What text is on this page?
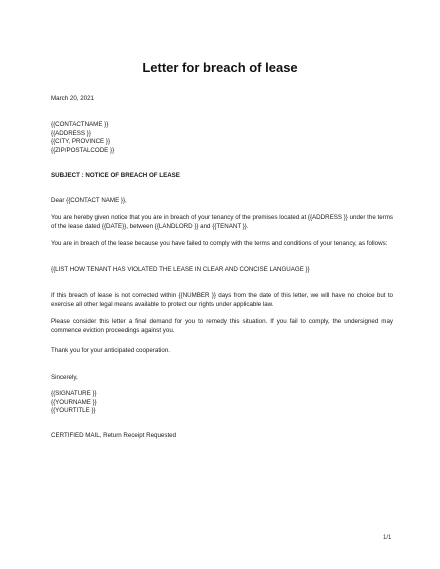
Letter for breach of lease
March 20, 2021
{{CONTACTNAME }}
{{ADDRESS }}
{{CITY, PROVINCE }}
{{ZIP/POSTALCODE }}
SUBJECT : NOTICE OF BREACH OF LEASE
Dear {{CONTACT NAME }},
You are hereby given notice that you are in breach of your tenancy of the premises located at {{ADDRESS }} under the terms of the lease dated {{DATE}}, between {{LANDLORD }} and {{TENANT }}.
You are in breach of the lease because you have failed to comply with the terms and conditions of your tenancy, as follows:
{{LIST HOW TENANT HAS VIOLATED THE LEASE IN CLEAR AND CONCISE LANGUAGE }}
If this breach of lease is not corrected within {{NUMBER }} days from the date of this letter, we will have no choice but to exercise all other legal means available to protect our rights under applicable law.
Please consider this letter a final demand for you to remedy this situation. If you fail to comply, the undersigned may commence eviction proceedings against you.
Thank you for your anticipated cooperation.
Sincerely,
{{SIGNATURE }}
{{YOURNAME }}
{{YOURTITLE }}
CERTIFIED MAIL, Return Receipt Requested
1/1
